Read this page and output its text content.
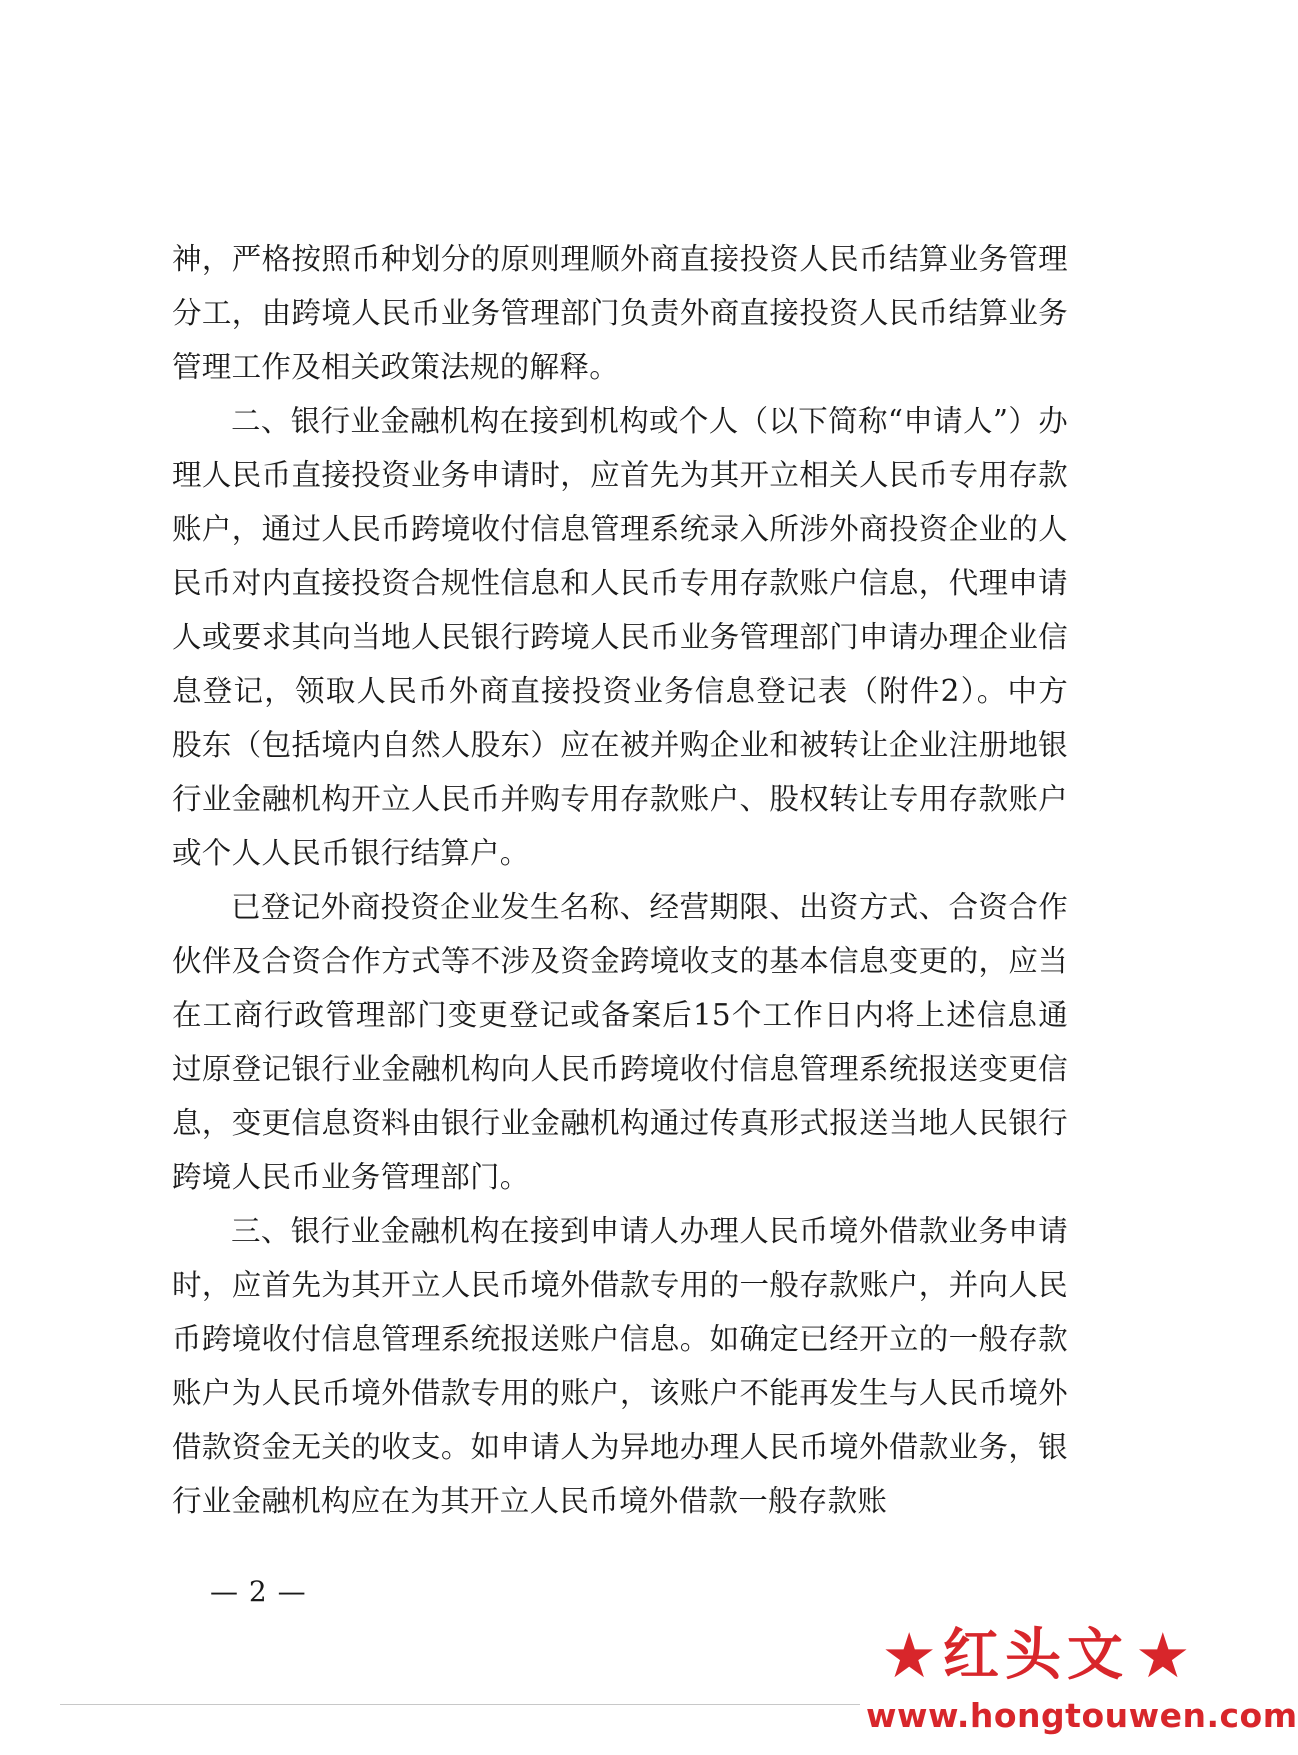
神，严格按照币种划分的原则理顺外商直接投资人民币结算业务管理分工，由跨境人民币业务管理部门负责外商直接投资人民币结算业务管理工作及相关政策法规的解释。

二、银行业金融机构在接到机构或个人（以下简称“申请人”）办理人民币直接投资业务申请时，应首先为其开立相关人民币专用存款账户，通过人民币跨境收付信息管理系统录入所涉外商投资企业的人民币对内直接投资合规性信息和人民币专用存款账户信息，代理申请人或要求其向当地人民银行跨境人民币业务管理部门申请办理企业信息登记，领取人民币外商直接投资业务信息登记表（附件2）。中方股东（包括境内自然人股东）应在被并购企业和被转让企业注册地银行业金融机构开立人民币并购专用存款账户、股权转让专用存款账户或个人人民币银行结算户。

已登记外商投资企业发生名称、经营期限、出资方式、合资合作伙伴及合资合作方式等不涉及资金跨境收支的基本信息变更的，应当在工商行政管理部门变更登记或备案后15个工作日内将上述信息通过原登记银行业金融机构向人民币跨境收付信息管理系统报送变更信息，变更信息资料由银行业金融机构通过传真形式报送当地人民银行跨境人民币业务管理部门。

三、银行业金融机构在接到申请人办理人民币境外借款业务申请时，应首先为其开立人民币境外借款专用的一般存款账户，并向人民币跨境收付信息管理系统报送账户信息。如确定已经开立的一般存款账户为人民币境外借款专用的账户，该账户不能再发生与人民币境外借款资金无关的收支。如申请人为异地办理人民币境外借款业务，银行业金融机构应在为其开立人民币境外借款一般存款账

— 2 —
★ 红头文 ★
www.hongtouwen.com
